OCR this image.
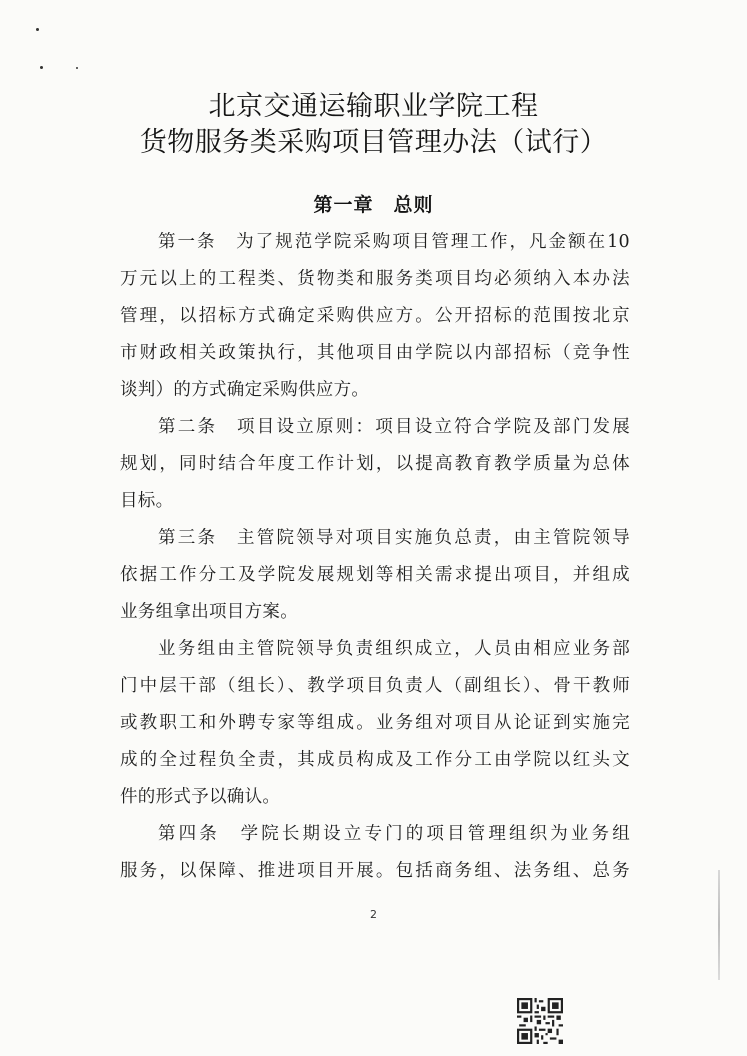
北京交通运输职业学院工程
货物服务类采购项目管理办法（试行）
第一章　总则
第一条　为了规范学院采购项目管理工作，凡金额在10
万元以上的工程类、货物类和服务类项目均必须纳入本办法
管理，以招标方式确定采购供应方。公开招标的范围按北京
市财政相关政策执行，其他项目由学院以内部招标（竞争性
谈判）的方式确定采购供应方。
第二条　项目设立原则：项目设立符合学院及部门发展
规划，同时结合年度工作计划，以提高教育教学质量为总体
目标。
第三条　主管院领导对项目实施负总责，由主管院领导
依据工作分工及学院发展规划等相关需求提出项目，并组成
业务组拿出项目方案。
业务组由主管院领导负责组织成立，人员由相应业务部
门中层干部（组长）、教学项目负责人（副组长）、骨干教师
或教职工和外聘专家等组成。业务组对项目从论证到实施完
成的全过程负全责，其成员构成及工作分工由学院以红头文
件的形式予以确认。
第四条　学院长期设立专门的项目管理组织为业务组
服务，以保障、推进项目开展。包括商务组、法务组、总务
2
